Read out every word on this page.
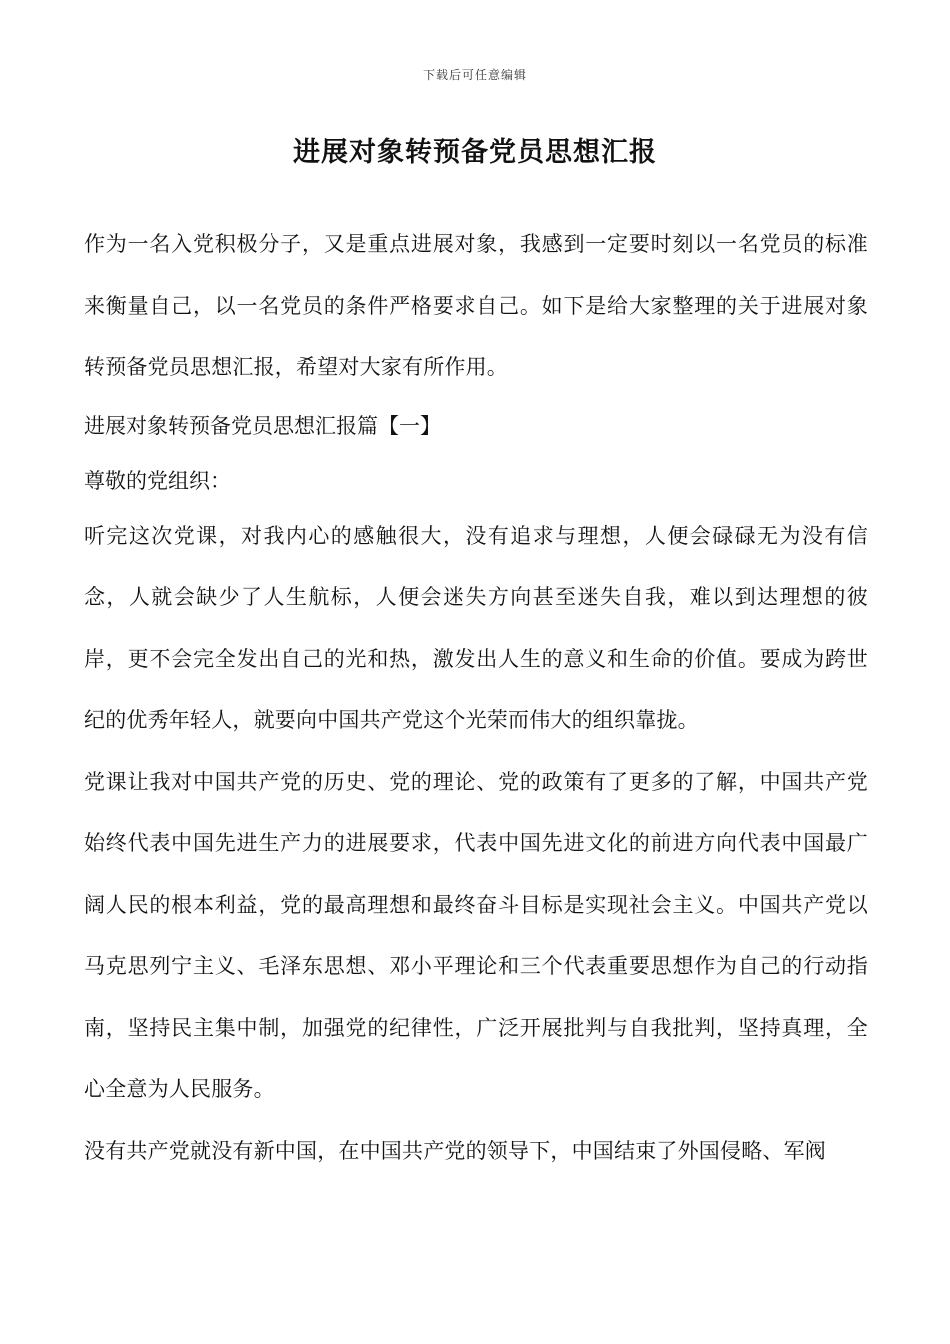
下载后可任意编辑
进展对象转预备党员思想汇报

作为一名入党积极分子，又是重点进展对象，我感到一定要时刻以一名党员的标准来衡量自己，以一名党员的条件严格要求自己。如下是给大家整理的关于进展对象转预备党员思想汇报，希望对大家有所作用。

进展对象转预备党员思想汇报篇【一】

尊敬的党组织：

听完这次党课，对我内心的感触很大，没有追求与理想，人便会碌碌无为没有信念，人就会缺少了人生航标，人便会迷失方向甚至迷失自我，难以到达理想的彼岸，更不会完全发出自己的光和热，激发出人生的意义和生命的价值。要成为跨世纪的优秀年轻人，就要向中国共产党这个光荣而伟大的组织靠拢。

党课让我对中国共产党的历史、党的理论、党的政策有了更多的了解，中国共产党始终代表中国先进生产力的进展要求，代表中国先进文化的前进方向代表中国最广阔人民的根本利益，党的最高理想和最终奋斗目标是实现社会主义。中国共产党以马克思列宁主义、毛泽东思想、邓小平理论和三个代表重要思想作为自己的行动指南，坚持民主集中制，加强党的纪律性，广泛开展批判与自我批判，坚持真理，全心全意为人民服务。

没有共产党就没有新中国，在中国共产党的领导下，中国结束了外国侵略、军阀
